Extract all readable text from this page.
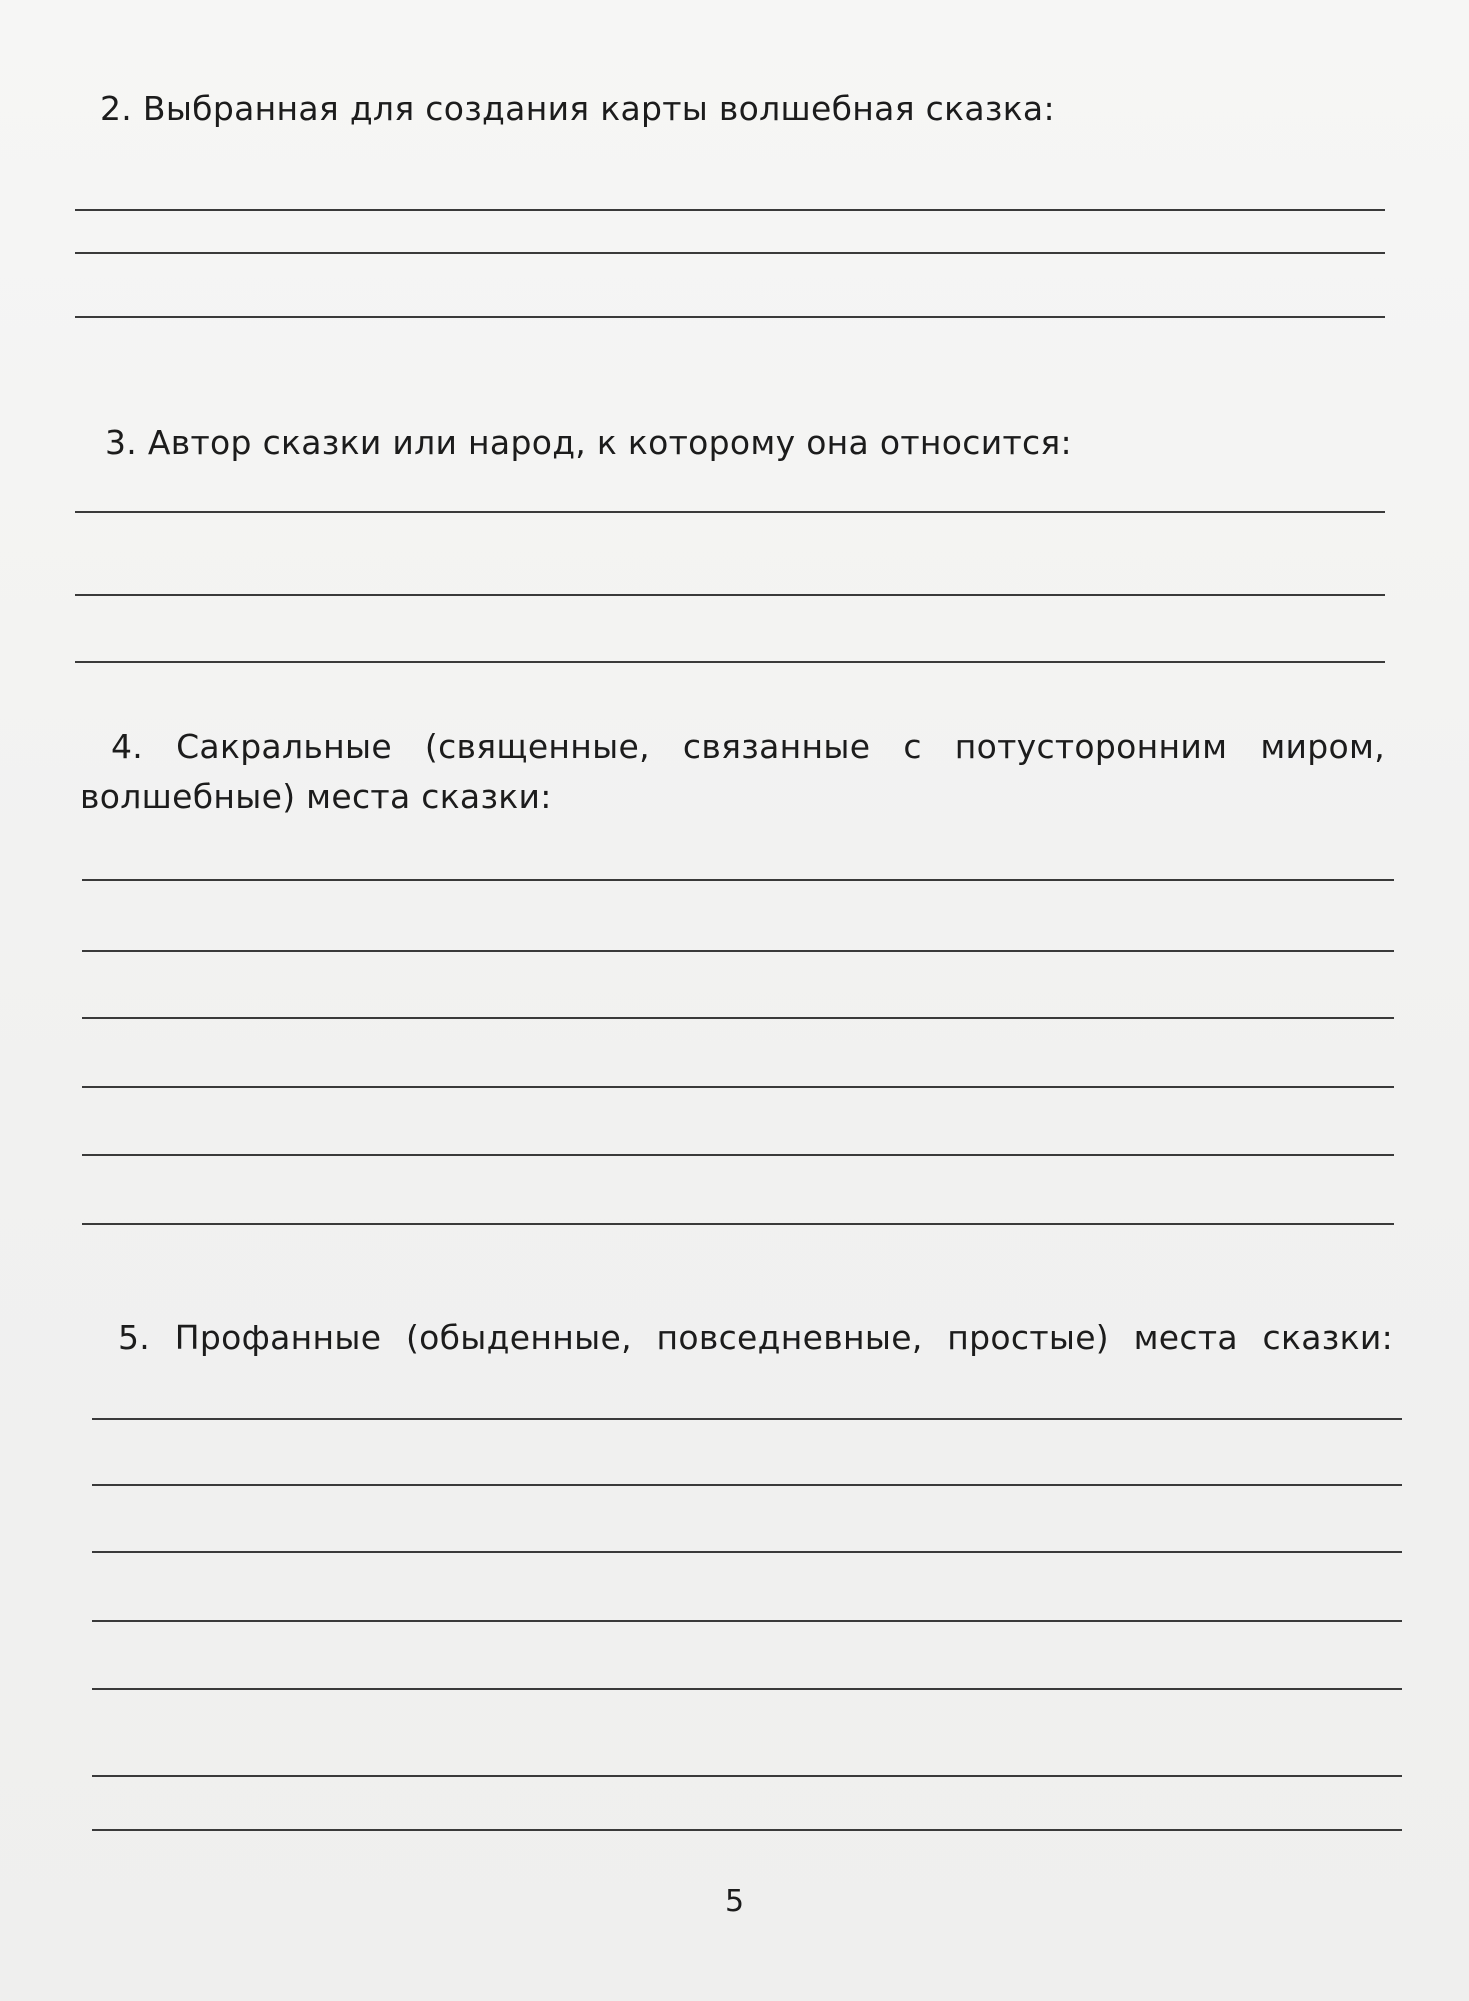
2. Выбранная для создания карты волшебная сказка:
3. Автор сказки или народ, к которому она относится:
4. Сакральные (священные, связанные с потусторонним миром, волшебные) места сказки:
5. Профанные (обыденные, повседневные, простые) места сказки:
5
